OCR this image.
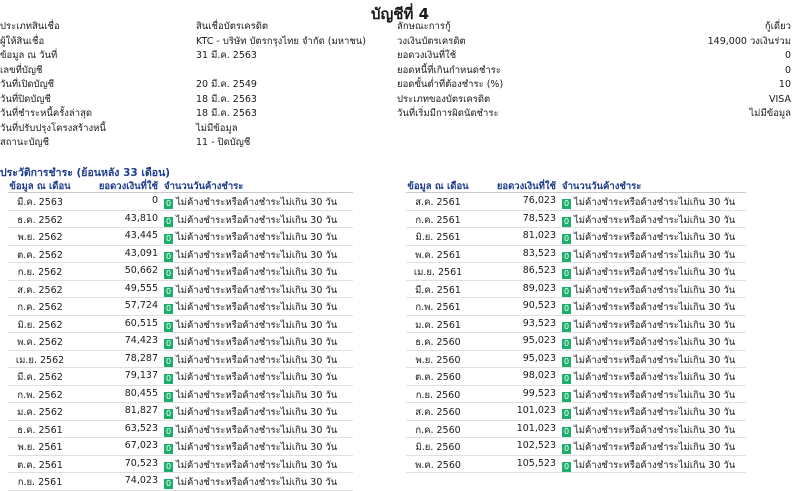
บัญชีที่ 4
ประเภทสินเชื่อ	สินเชื่อบัตรเครดิต
ผู้ให้สินเชื่อ	KTC - บริษัท บัตรกรุงไทย จำกัด (มหาชน)
ข้อมูล ณ วันที่	31 มี.ค. 2563
เลขที่บัญชี
วันที่เปิดบัญชี	20 มี.ค. 2549
วันที่ปิดบัญชี	18 มี.ค. 2563
วันที่ชำระหนี้ครั้งล่าสุด	18 มี.ค. 2563
วันที่ปรับปรุงโครงสร้างหนี้	ไม่มีข้อมูล
สถานะบัญชี	11 - ปิดบัญชี
ลักษณะการกู้	กู้เดี่ยว
วงเงินบัตรเครดิต	149,000 วงเงินร่วม
ยอดวงเงินที่ใช้	0
ยอดหนี้ที่เกินกำหนดชำระ	0
ยอดขั้นต่ำที่ต้องชำระ (%)	10
ประเภทของบัตรเครดิต	VISA
วันที่เริ่มมีการผิดนัดชำระ	ไม่มีข้อมูล
ประวัติการชำระ (ย้อนหลัง 33 เดือน)
ข้อมูล ณ เดือน	ยอดวงเงินที่ใช้ จำนวนวันค้างชำระ
มี.ค. 2563	0 0 ไม่ค้างชำระหรือค้างชำระไม่เกิน 30 วัน
ธ.ค. 2562	43,810 0 ไม่ค้างชำระหรือค้างชำระไม่เกิน 30 วัน
พ.ย. 2562	43,445 0 ไม่ค้างชำระหรือค้างชำระไม่เกิน 30 วัน
ต.ค. 2562	43,091 0 ไม่ค้างชำระหรือค้างชำระไม่เกิน 30 วัน
ก.ย. 2562	50,662 0 ไม่ค้างชำระหรือค้างชำระไม่เกิน 30 วัน
ส.ค. 2562	49,555 0 ไม่ค้างชำระหรือค้างชำระไม่เกิน 30 วัน
ก.ค. 2562	57,724 0 ไม่ค้างชำระหรือค้างชำระไม่เกิน 30 วัน
มิ.ย. 2562	60,515 0 ไม่ค้างชำระหรือค้างชำระไม่เกิน 30 วัน
พ.ค. 2562	74,423 0 ไม่ค้างชำระหรือค้างชำระไม่เกิน 30 วัน
เม.ย. 2562	78,287 0 ไม่ค้างชำระหรือค้างชำระไม่เกิน 30 วัน
มี.ค. 2562	79,137 0 ไม่ค้างชำระหรือค้างชำระไม่เกิน 30 วัน
ก.พ. 2562	80,455 0 ไม่ค้างชำระหรือค้างชำระไม่เกิน 30 วัน
ม.ค. 2562	81,827 0 ไม่ค้างชำระหรือค้างชำระไม่เกิน 30 วัน
ธ.ค. 2561	63,523 0 ไม่ค้างชำระหรือค้างชำระไม่เกิน 30 วัน
พ.ย. 2561	67,023 0 ไม่ค้างชำระหรือค้างชำระไม่เกิน 30 วัน
ต.ค. 2561	70,523 0 ไม่ค้างชำระหรือค้างชำระไม่เกิน 30 วัน
ก.ย. 2561	74,023 0 ไม่ค้างชำระหรือค้างชำระไม่เกิน 30 วัน
ข้อมูล ณ เดือน	ยอดวงเงินที่ใช้ จำนวนวันค้างชำระ
ส.ค. 2561	76,023 0 ไม่ค้างชำระหรือค้างชำระไม่เกิน 30 วัน
ก.ค. 2561	78,523 0 ไม่ค้างชำระหรือค้างชำระไม่เกิน 30 วัน
มิ.ย. 2561	81,023 0 ไม่ค้างชำระหรือค้างชำระไม่เกิน 30 วัน
พ.ค. 2561	83,523 0 ไม่ค้างชำระหรือค้างชำระไม่เกิน 30 วัน
เม.ย. 2561	86,523 0 ไม่ค้างชำระหรือค้างชำระไม่เกิน 30 วัน
มี.ค. 2561	89,023 0 ไม่ค้างชำระหรือค้างชำระไม่เกิน 30 วัน
ก.พ. 2561	90,523 0 ไม่ค้างชำระหรือค้างชำระไม่เกิน 30 วัน
ม.ค. 2561	93,523 0 ไม่ค้างชำระหรือค้างชำระไม่เกิน 30 วัน
ธ.ค. 2560	95,023 0 ไม่ค้างชำระหรือค้างชำระไม่เกิน 30 วัน
พ.ย. 2560	95,023 0 ไม่ค้างชำระหรือค้างชำระไม่เกิน 30 วัน
ต.ค. 2560	98,023 0 ไม่ค้างชำระหรือค้างชำระไม่เกิน 30 วัน
ก.ย. 2560	99,523 0 ไม่ค้างชำระหรือค้างชำระไม่เกิน 30 วัน
ส.ค. 2560	101,023 0 ไม่ค้างชำระหรือค้างชำระไม่เกิน 30 วัน
ก.ค. 2560	101,023 0 ไม่ค้างชำระหรือค้างชำระไม่เกิน 30 วัน
มิ.ย. 2560	102,523 0 ไม่ค้างชำระหรือค้างชำระไม่เกิน 30 วัน
พ.ค. 2560	105,523 0 ไม่ค้างชำระหรือค้างชำระไม่เกิน 30 วัน
